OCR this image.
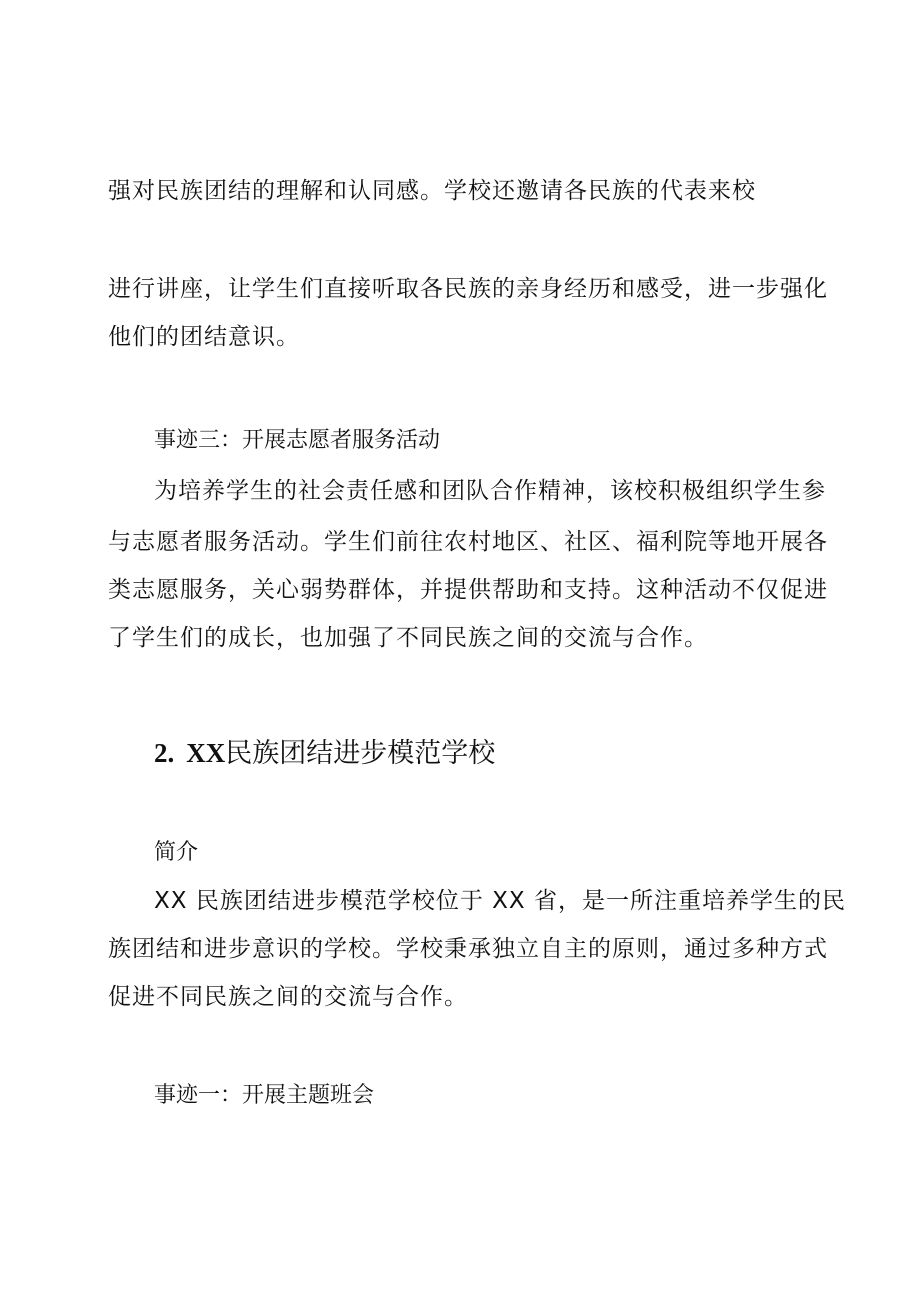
强对民族团结的理解和认同感。学校还邀请各民族的代表来校
进行讲座，让学生们直接听取各民族的亲身经历和感受，进一步强化
他们的团结意识。
事迹三：开展志愿者服务活动
为培养学生的社会责任感和团队合作精神，该校积极组织学生参
与志愿者服务活动。学生们前往农村地区、社区、福利院等地开展各
类志愿服务，关心弱势群体，并提供帮助和支持。这种活动不仅促进
了学生们的成长，也加强了不同民族之间的交流与合作。
2. XX民族团结进步模范学校
简介
XX 民族团结进步模范学校位于 XX 省，是一所注重培养学生的民
族团结和进步意识的学校。学校秉承独立自主的原则，通过多种方式
促进不同民族之间的交流与合作。
事迹一：开展主题班会
